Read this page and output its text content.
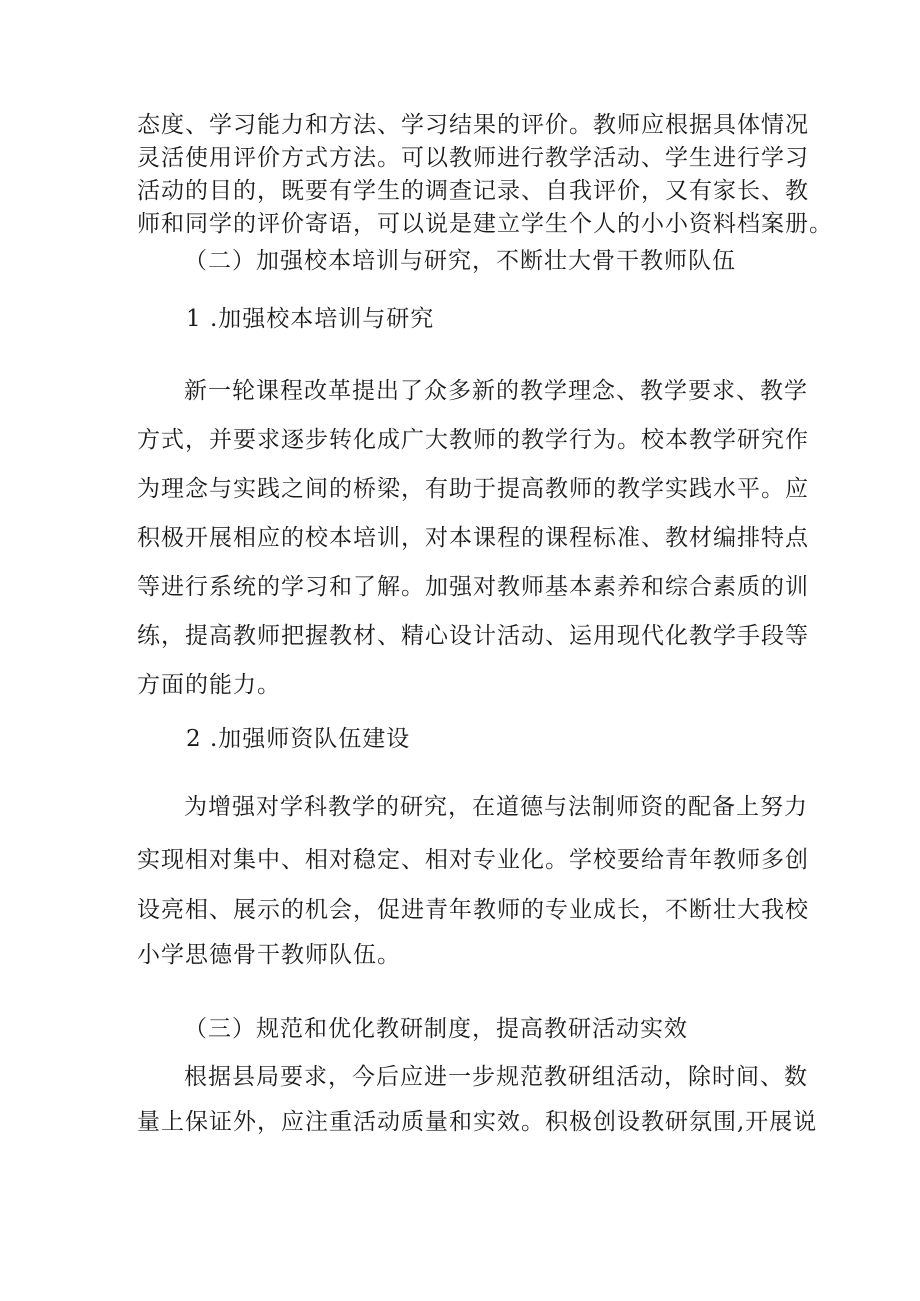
态度、学习能力和方法、学习结果的评价。教师应根据具体情况
灵活使用评价方式方法。可以教师进行教学活动、学生进行学习
活动的目的，既要有学生的调查记录、自我评价，又有家长、教
师和同学的评价寄语，可以说是建立学生个人的小小资料档案册。
（二）加强校本培训与研究，不断壮大骨干教师队伍
1 .加强校本培训与研究
新一轮课程改革提出了众多新的教学理念、教学要求、教学
方式，并要求逐步转化成广大教师的教学行为。校本教学研究作
为理念与实践之间的桥梁，有助于提高教师的教学实践水平。应
积极开展相应的校本培训，对本课程的课程标准、教材编排特点
等进行系统的学习和了解。加强对教师基本素养和综合素质的训
练，提高教师把握教材、精心设计活动、运用现代化教学手段等
方面的能力。
2 .加强师资队伍建设
为增强对学科教学的研究，在道德与法制师资的配备上努力
实现相对集中、相对稳定、相对专业化。学校要给青年教师多创
设亮相、展示的机会，促进青年教师的专业成长，不断壮大我校
小学思德骨干教师队伍。
（三）规范和优化教研制度，提高教研活动实效
根据县局要求，今后应进一步规范教研组活动，除时间、数
量上保证外，应注重活动质量和实效。积极创设教研氛围,开展说
